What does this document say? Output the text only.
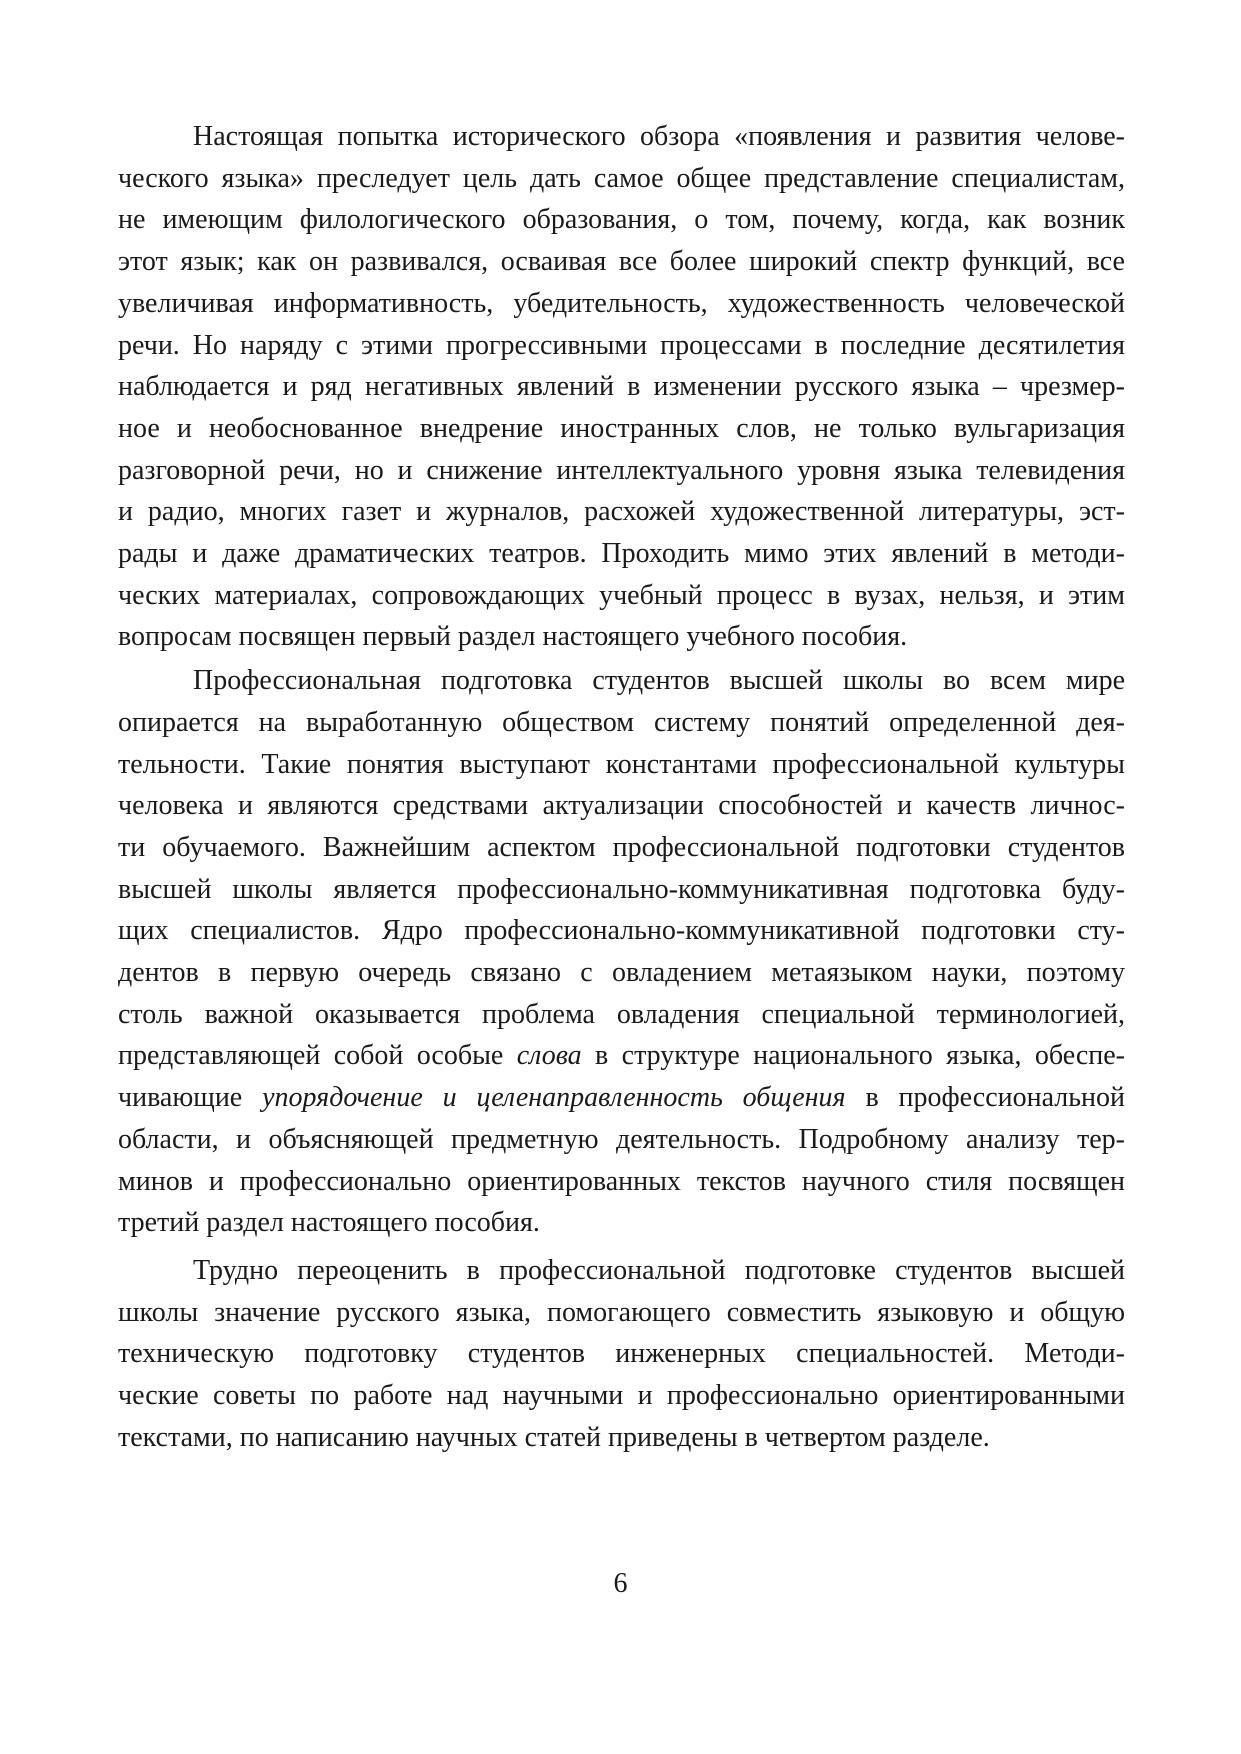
Настоящая попытка исторического обзора «появления и развития челове-
ческого языка» преследует цель дать самое общее представление специалистам,
не имеющим филологического образования, о том, почему, когда, как возник
этот язык; как он развивался, осваивая все более широкий спектр функций, все
увеличивая информативность, убедительность, художественность человеческой
речи. Но наряду с этими прогрессивными процессами в последние десятилетия
наблюдается и ряд негативных явлений в изменении русского языка – чрезмер-
ное и необоснованное внедрение иностранных слов, не только вульгаризация
разговорной речи, но и снижение интеллектуального уровня языка телевидения
и радио, многих газет и журналов, расхожей художественной литературы, эст-
рады и даже драматических театров. Проходить мимо этих явлений в методи-
ческих материалах, сопровождающих учебный процесс в вузах, нельзя, и этим
вопросам посвящен первый раздел настоящего учебного пособия.
Профессиональная подготовка студентов высшей школы во всем мире
опирается на выработанную обществом систему понятий определенной дея-
тельности. Такие понятия выступают константами профессиональной культуры
человека и являются средствами актуализации способностей и качеств личнос-
ти обучаемого. Важнейшим аспектом профессиональной подготовки студентов
высшей школы является профессионально-коммуникативная подготовка буду-
щих специалистов. Ядро профессионально-коммуникативной подготовки сту-
дентов в первую очередь связано с овладением метаязыком науки, поэтому
столь важной оказывается проблема овладения специальной терминологией,
представляющей собой особые слова в структуре национального языка, обеспе-
чивающие упорядочение и целенаправленность общения в профессиональной
области, и объясняющей предметную деятельность. Подробному анализу тер-
минов и профессионально ориентированных текстов научного стиля посвящен
третий раздел настоящего пособия.
Трудно переоценить в профессиональной подготовке студентов высшей
школы значение русского языка, помогающего совместить языковую и общую
техническую подготовку студентов инженерных специальностей. Методи-
ческие советы по работе над научными и профессионально ориентированными
текстами, по написанию научных статей приведены в четвертом разделе.
6
